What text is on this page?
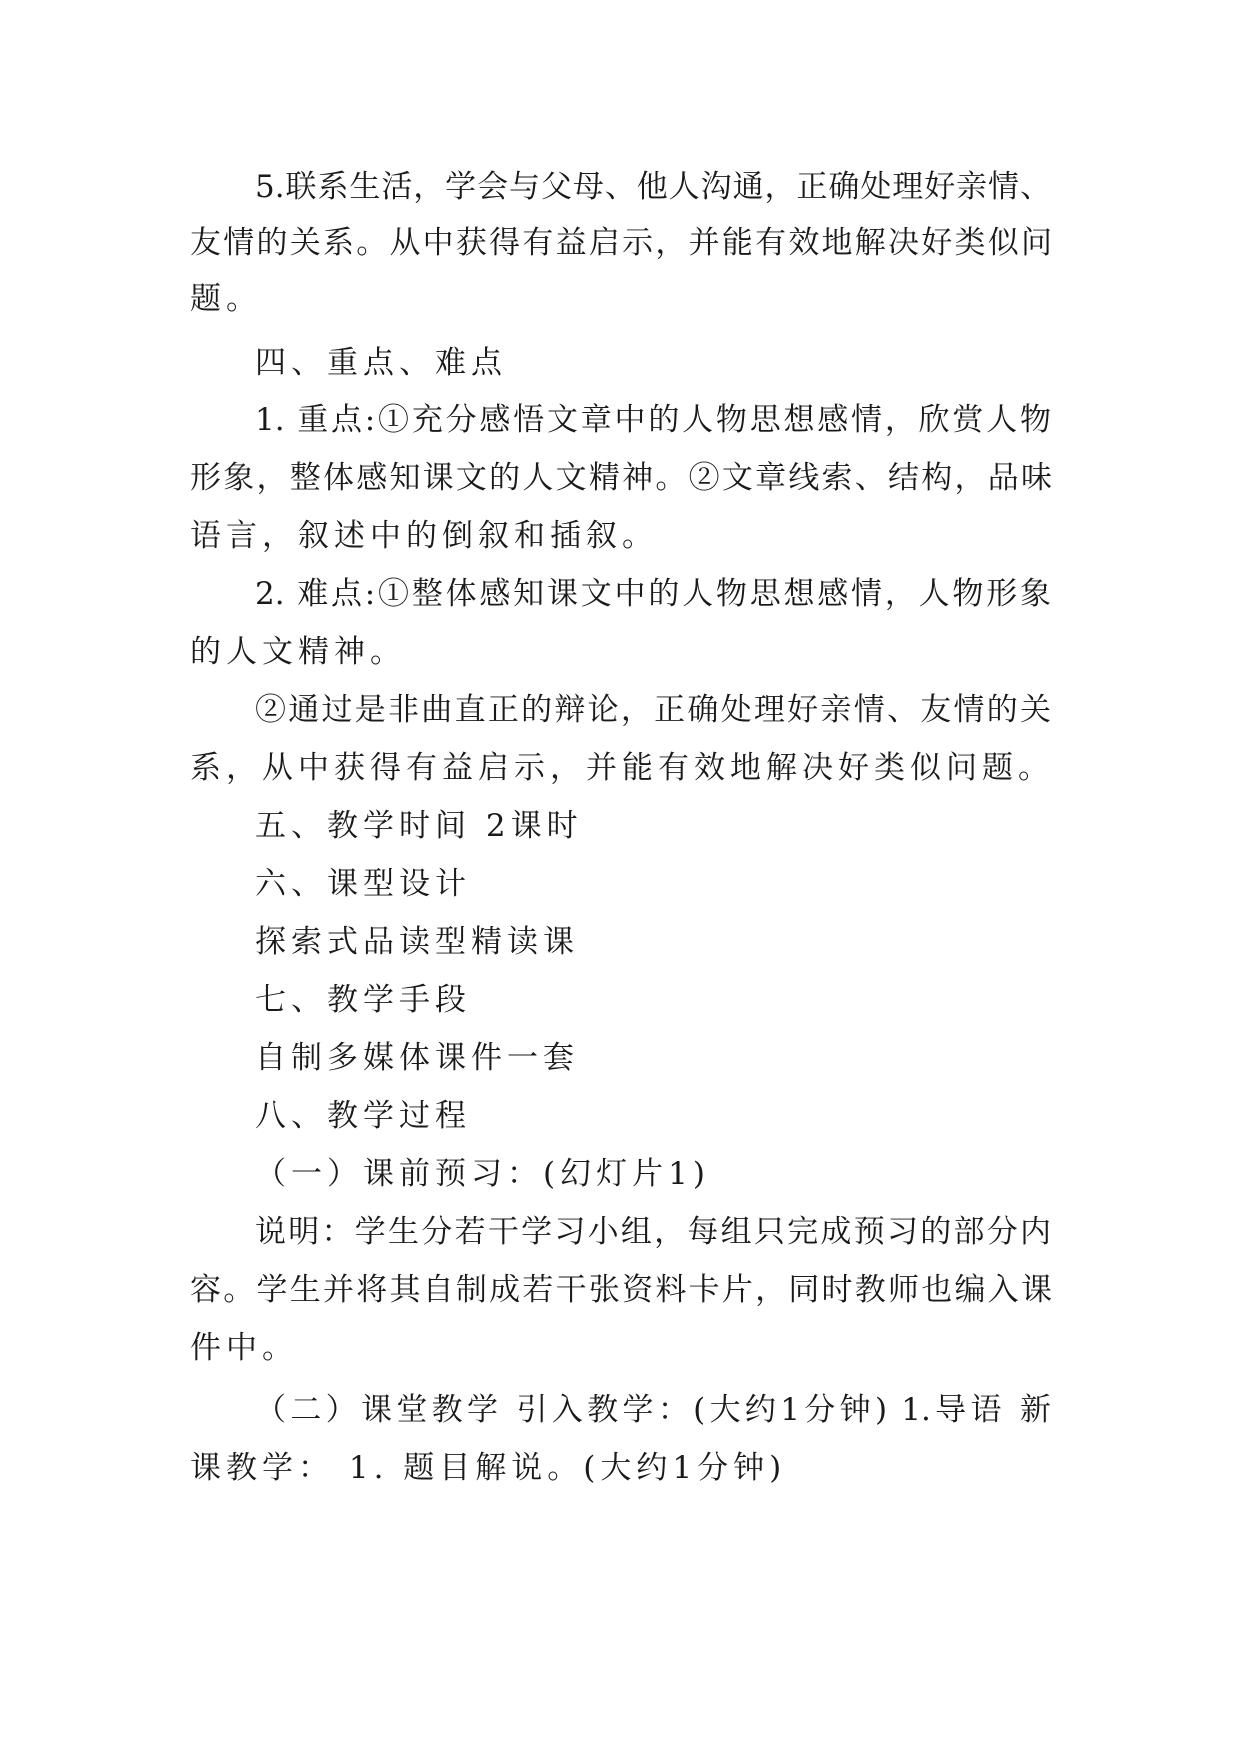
5.联系生活，学会与父母、他人沟通，正确处理好亲情、
友情的关系。从中获得有益启示，并能有效地解决好类似问
题。
四、重点、难点
1. 重点:①充分感悟文章中的人物思想感情，欣赏人物
形象，整体感知课文的人文精神。②文章线索、结构，品味
语言，叙述中的倒叙和插叙。
2. 难点:①整体感知课文中的人物思想感情，人物形象
的人文精神。
②通过是非曲直正的辩论，正确处理好亲情、友情的关
系，从中获得有益启示，并能有效地解决好类似问题。
五、教学时间 2课时
六、课型设计
探索式品读型精读课
七、教学手段
自制多媒体课件一套
八、教学过程
（一）课前预习：(幻灯片1)
说明：学生分若干学习小组，每组只完成预习的部分内
容。学生并将其自制成若干张资料卡片，同时教师也编入课
件中。
（二）课堂教学 引入教学：(大约1分钟) 1.导语 新
课教学： 1. 题目解说。(大约1分钟)
